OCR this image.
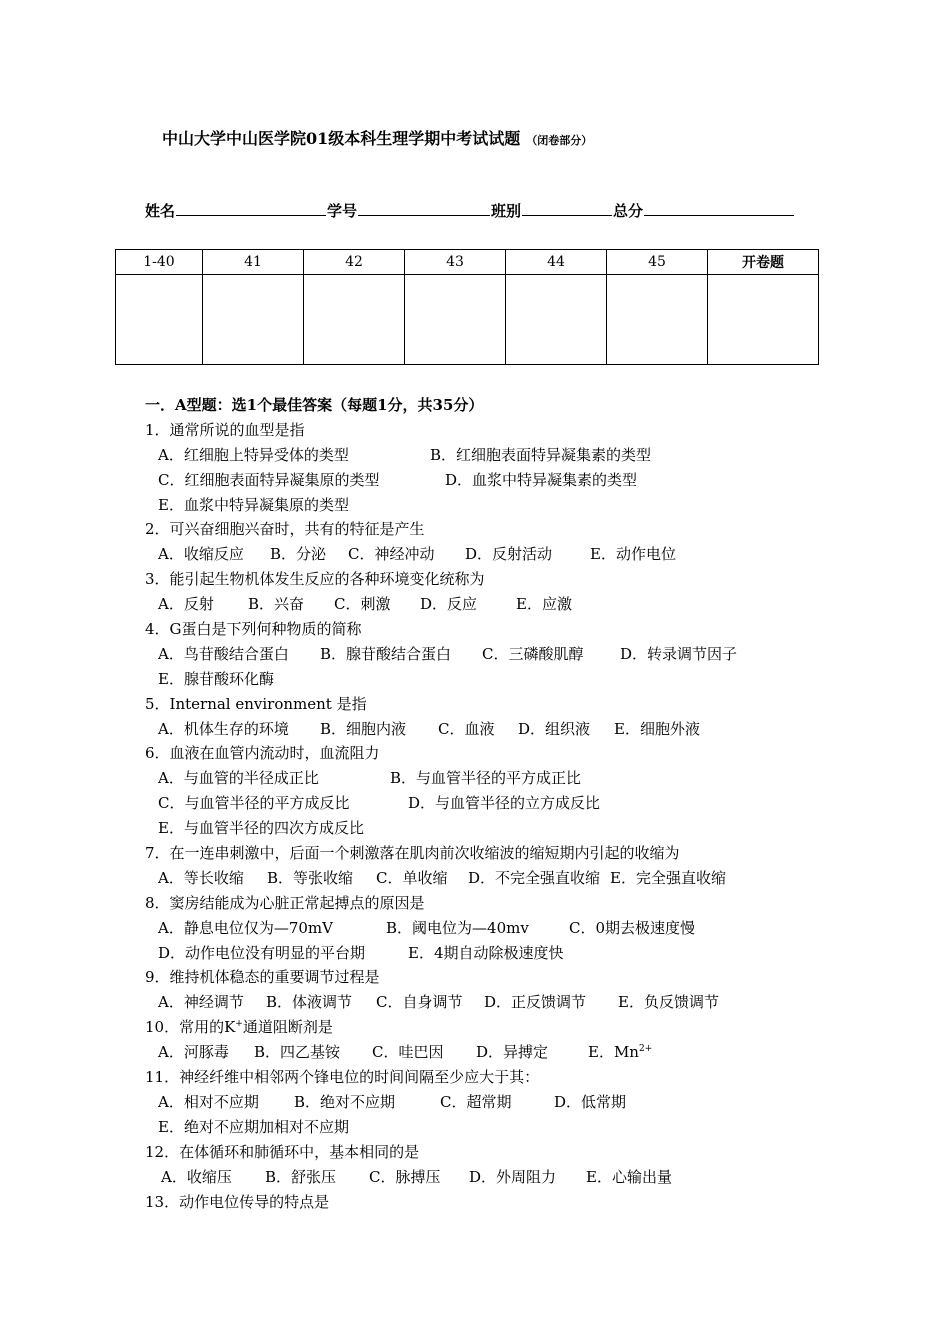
中山大学中山医学院01级本科生理学期中考试试题 （闭卷部分）
姓名	学号	班别	总分
1-40	41	42	43	44	45	开卷题

一．A型题：选1个最佳答案（每题1分，共35分）
1．通常所说的血型是指
A．红细胞上特异受体的类型	B．红细胞表面特异凝集素的类型
C．红细胞表面特异凝集原的类型	D．血浆中特异凝集素的类型
E．血浆中特异凝集原的类型
2．可兴奋细胞兴奋时，共有的特征是产生
A．收缩反应 B．分泌 C．神经冲动 D．反射活动	E．动作电位
3．能引起生物机体发生反应的各种环境变化统称为
A．反射 B．兴奋 C．刺激 D．反应	E．应激
4．G蛋白是下列何种物质的简称
A．鸟苷酸结合蛋白 B．腺苷酸结合蛋白 C．三磷酸肌醇 D．转录调节因子
E．腺苷酸环化酶
5．Internal environment 是指
A．机体生存的环境 B．细胞内液 C．血液 D．组织液 E．细胞外液
6．血液在血管内流动时，血流阻力
A．与血管的半径成正比	B．与血管半径的平方成正比
C．与血管半径的平方成反比	D．与血管半径的立方成反比
E．与血管半径的四次方成反比
7．在一连串刺激中，后面一个刺激落在肌肉前次收缩波的缩短期内引起的收缩为
A．等长收缩 B．等张收缩 C．单收缩 D．不完全强直收缩 E．完全强直收缩
8．窦房结能成为心脏正常起搏点的原因是
A．静息电位仅为—70mV	B．阈电位为—40mv	C．0期去极速度慢
D．动作电位没有明显的平台期	E．4期自动除极速度快
9．维持机体稳态的重要调节过程是
A．神经调节 B．体液调节 C．自身调节 D．正反馈调节 E．负反馈调节
10．常用的K+通道阻断剂是
A．河豚毒 B．四乙基铵 C．哇巴因 D．异搏定	E．$Mn^{2+}$
11．神经纤维中相邻两个锋电位的时间间隔至少应大于其：
A．相对不应期 B．绝对不应期	C．超常期	D．低常期
E．绝对不应期加相对不应期
12．在体循环和肺循环中，基本相同的是
A．收缩压 B．舒张压 C．脉搏压 D．外周阻力 E．心输出量
13．动作电位传导的特点是
